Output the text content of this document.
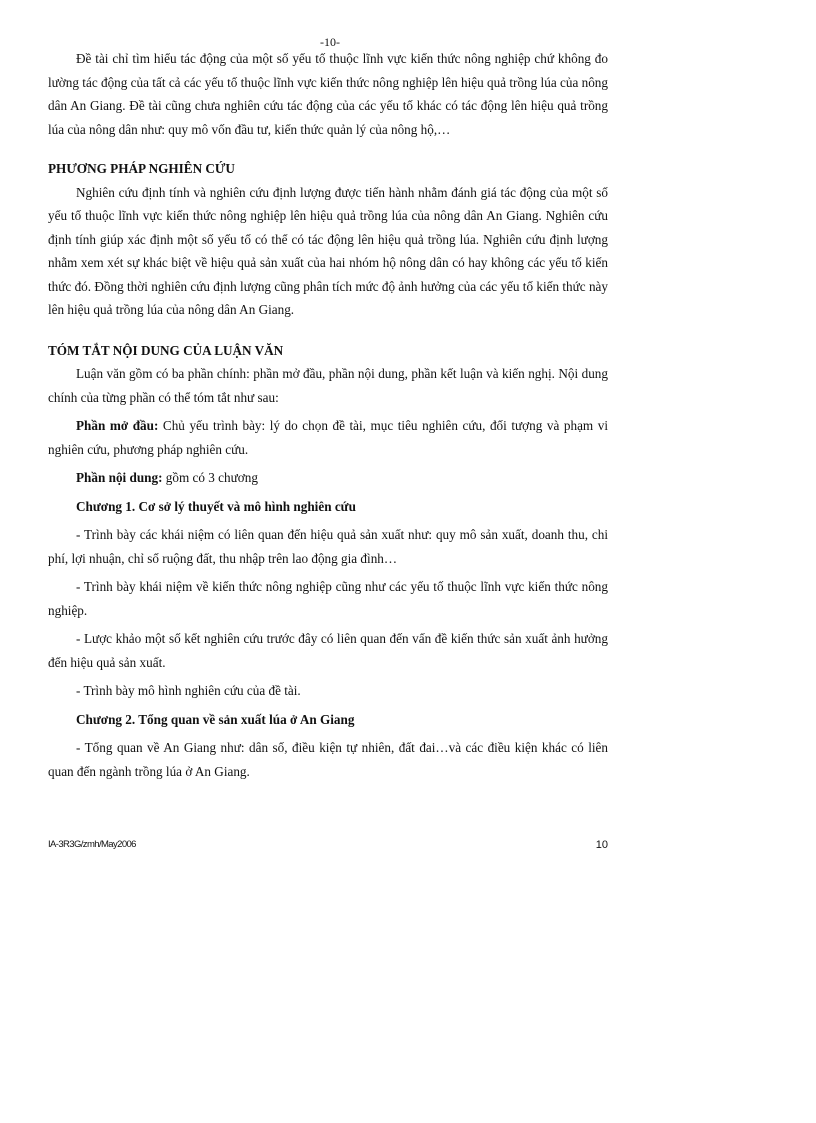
-10-

Đề tài chỉ tìm hiểu tác động của một số yếu tố thuộc lĩnh vực kiến thức nông nghiệp chứ không đo lường tác động của tất cả các yếu tố thuộc lĩnh vực kiến thức nông nghiệp lên hiệu quả trồng lúa của nông dân An Giang. Đề tài cũng chưa nghiên cứu tác động của các yếu tố khác có tác động lên hiệu quả trồng lúa của nông dân như: quy mô vốn đầu tư, kiến thức quản lý của nông hộ,…

PHƯƠNG PHÁP NGHIÊN CỨU

Nghiên cứu định tính và nghiên cứu định lượng được tiến hành nhằm đánh giá tác động của một số yếu tố thuộc lĩnh vực kiến thức nông nghiệp lên hiệu quả trồng lúa của nông dân An Giang. Nghiên cứu định tính giúp xác định một số yếu tố có thể có tác động lên hiệu quả trồng lúa. Nghiên cứu định lượng nhằm xem xét sự khác biệt về hiệu quả sản xuất của hai nhóm hộ nông dân có hay không các yếu tố kiến thức đó. Đồng thời nghiên cứu định lượng cũng phân tích mức độ ảnh hưởng của các yếu tố kiến thức này lên hiệu quả trồng lúa của nông dân An Giang.

TÓM TẮT NỘI DUNG CỦA LUẬN VĂN

Luận văn gồm có ba phần chính: phần mở đầu, phần nội dung, phần kết luận và kiến nghị. Nội dung chính của từng phần có thể tóm tắt như sau:

Phần mở đầu: Chủ yếu trình bày: lý do chọn đề tài, mục tiêu nghiên cứu, đối tượng và phạm vi nghiên cứu, phương pháp nghiên cứu.

Phần nội dung: gồm có 3 chương

Chương 1. Cơ sở lý thuyết và mô hình nghiên cứu

- Trình bày các khái niệm có liên quan đến hiệu quả sản xuất như: quy mô sản xuất, doanh thu, chi phí, lợi nhuận, chỉ số ruộng đất, thu nhập trên lao động gia đình…

- Trình bày khái niệm về kiến thức nông nghiệp cũng như các yếu tố thuộc lĩnh vực kiến thức nông nghiệp.

- Lược khảo một số kết nghiên cứu trước đây có liên quan đến vấn đề kiến thức sản xuất ảnh hưởng đến hiệu quả sản xuất.

- Trình bày mô hình nghiên cứu của đề tài.

Chương 2. Tổng quan về sản xuất lúa ở An Giang

- Tổng quan về An Giang như: dân số, điều kiện tự nhiên, đất đai…và các điều kiện khác có liên quan đến ngành trồng lúa ở An Giang.

IA-3R3G/zmh/May2006	10
